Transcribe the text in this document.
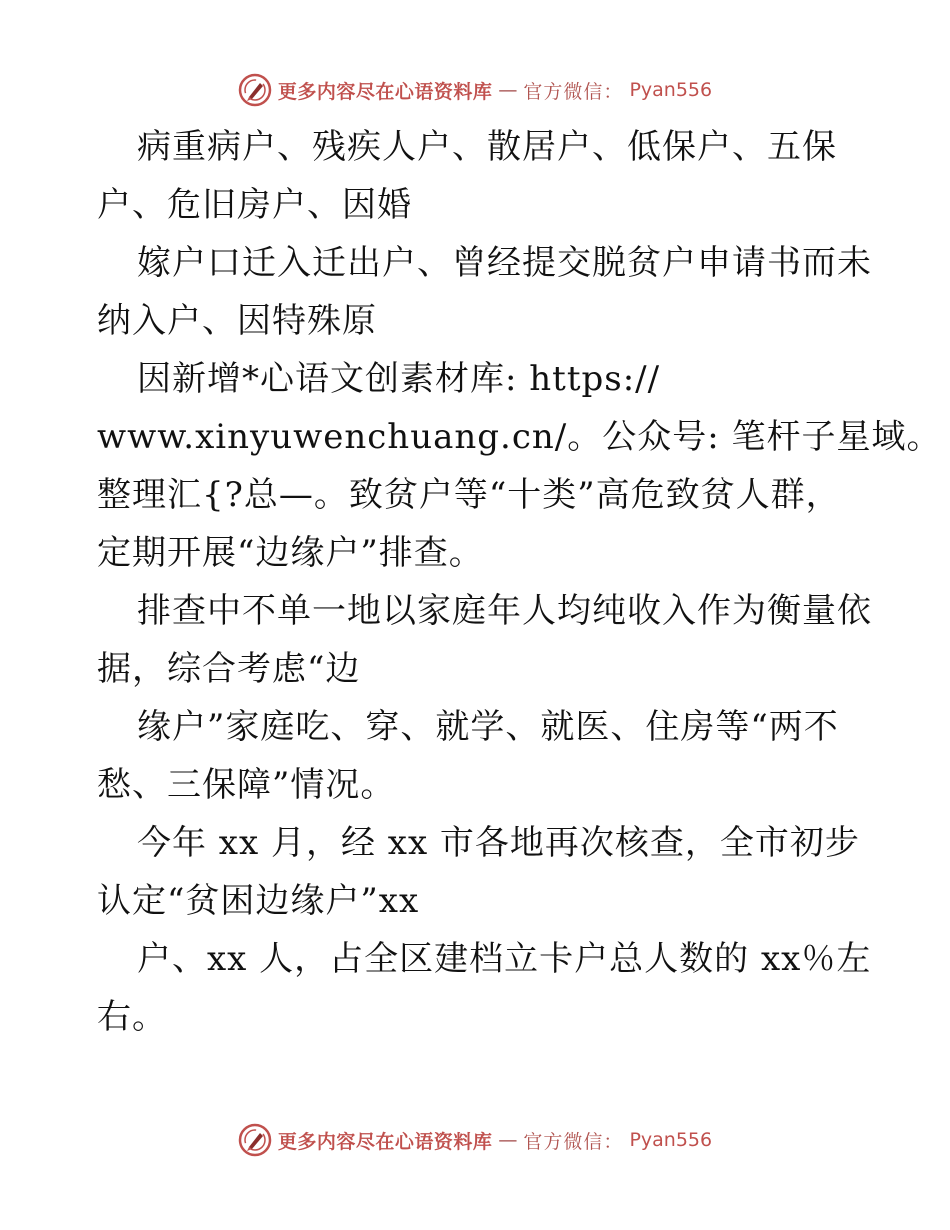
更多内容尽在心语资料库 — 官方微信： Pyan556
病重病户、残疾人户、散居户、低保户、五保
户、危旧房户、因婚
嫁户口迁入迁出户、曾经提交脱贫户申请书而未
纳入户、因特殊原
因新增*心语文创素材库: https://
www.xinyuwenchuang.cn/。公众号: 笔杆子星域。
整理汇{?总—。致贫户等“十类”高危致贫人群，
定期开展“边缘户”排查。
排查中不单一地以家庭年人均纯收入作为衡量依
据，综合考虑“边
缘户”家庭吃、穿、就学、就医、住房等“两不
愁、三保障”情况。
今年 xx 月，经 xx 市各地再次核查，全市初步
认定“贫困边缘户”xx
户、xx 人，占全区建档立卡户总人数的 xx％左
右。
更多内容尽在心语资料库 — 官方微信： Pyan556
